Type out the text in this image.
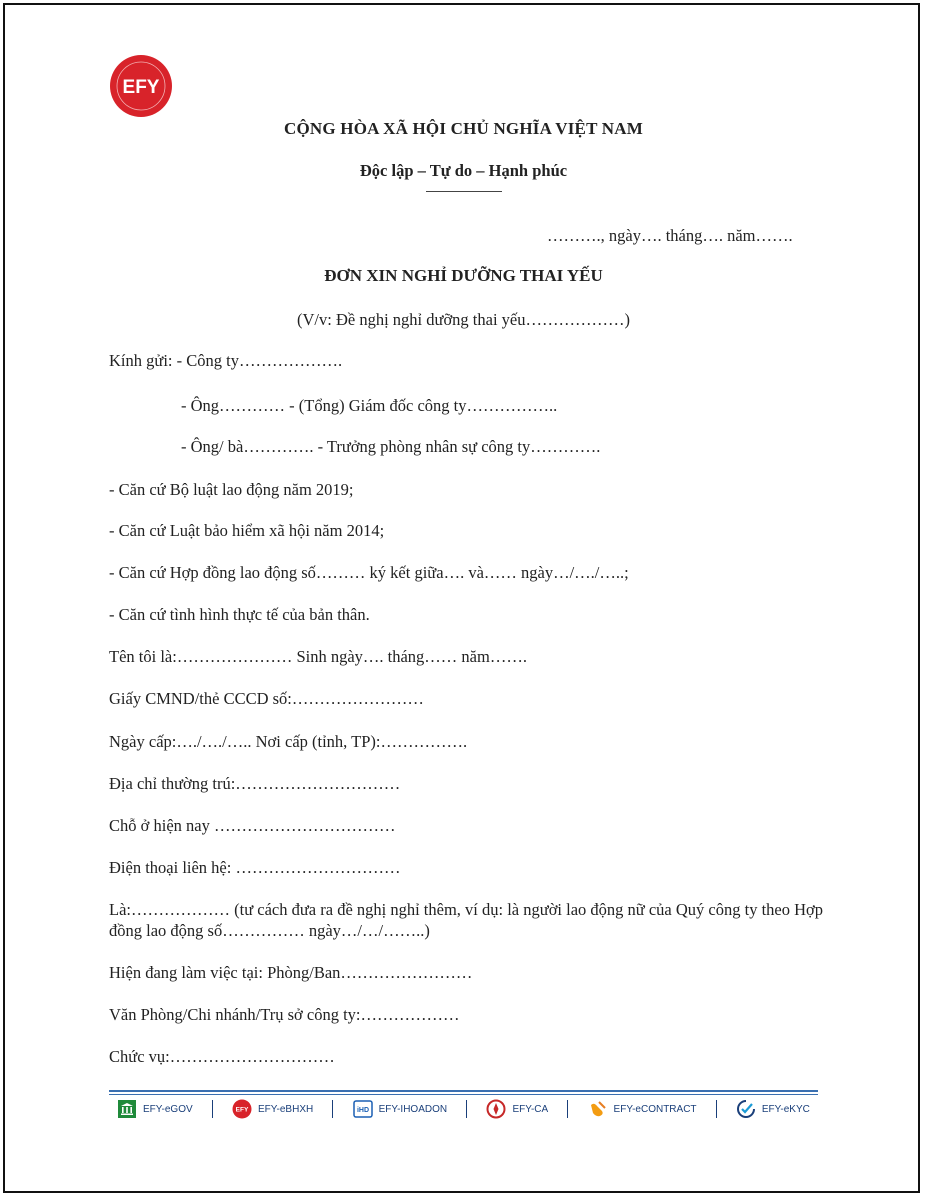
EFY
CỘNG HÒA XÃ HỘI CHỦ NGHĨA VIỆT NAM
Độc lập – Tự do – Hạnh phúc
………., ngày…. tháng…. năm…….
ĐƠN XIN NGHỈ DƯỠNG THAI YẾU
(V/v: Đề nghị nghỉ dưỡng thai yếu………………)
Kính gửi: - Công ty……………….
- Ông………… - (Tổng) Giám đốc công ty……………..
- Ông/ bà…………. - Trưởng phòng nhân sự công ty………….
- Căn cứ Bộ luật lao động năm 2019;
- Căn cứ Luật bảo hiểm xã hội năm 2014;
- Căn cứ Hợp đồng lao động số……… ký kết giữa…. và…… ngày…/…./…..;
- Căn cứ tình hình thực tế của bản thân.
Tên tôi là:………………… Sinh ngày…. tháng…… năm…….
Giấy CMND/thẻ CCCD số:……………………
Ngày cấp:…./…./….. Nơi cấp (tỉnh, TP):…………….
Địa chỉ thường trú:…………………………
Chỗ ở hiện nay ……………………………
Điện thoại liên hệ: …………………………
Là:……………… (tư cách đưa ra đề nghị nghỉ thêm, ví dụ: là người lao động nữ của Quý công ty theo Hợp đồng lao động số…………… ngày…/…/……..)
Hiện đang làm việc tại: Phòng/Ban……………………
Văn Phòng/Chi nhánh/Trụ sở công ty:………………
Chức vụ:…………………………
EFY-eGOV	EFY EFY-eBHXH	iHD EFY-IHOADON	EFY-CA	EFY-eCONTRACT	EFY-eKYC
